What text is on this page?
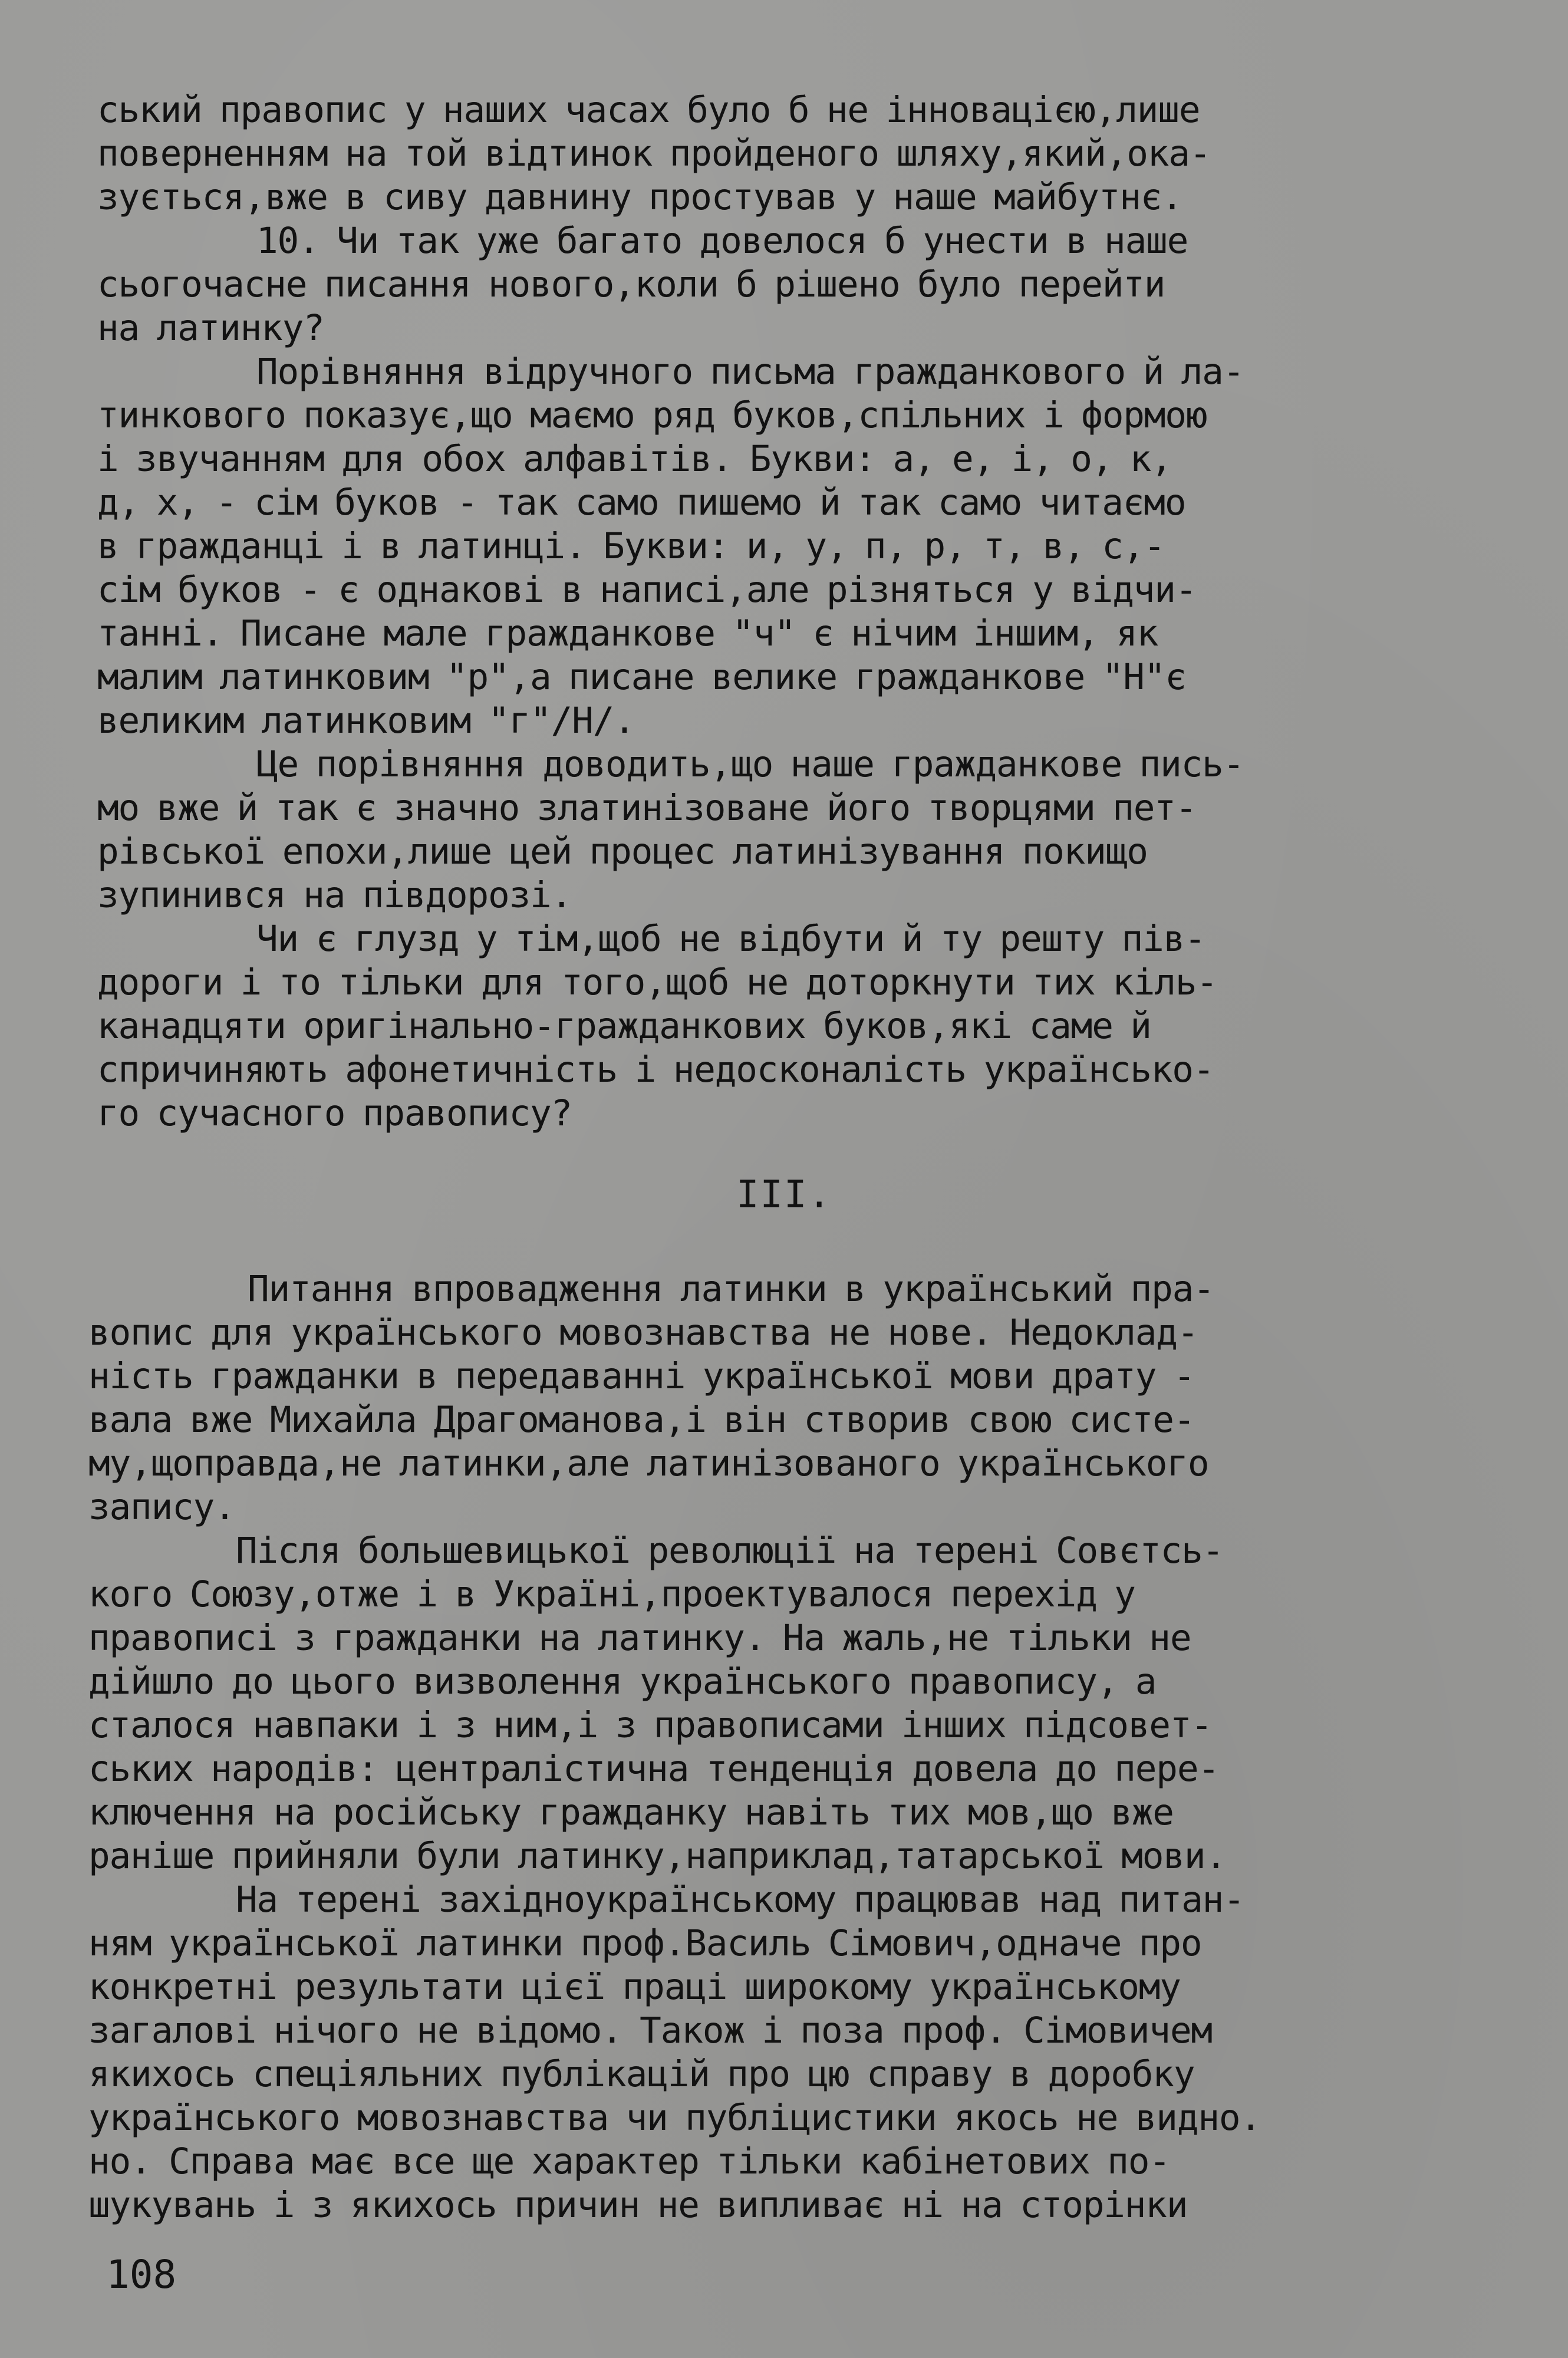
ський правопис у наших часах було б не інновацією,лише
поверненням на той відтинок пройденого шляху,який,ока-
зується,вже в сиву давнину простував у наше майбутнє.
10. Чи так уже багато довелося б унести в наше
сьогочасне писання нового,коли б рішено було перейти
на латинку?
Порівняння відручного письма гражданкового й ла-
тинкового показує,що маємо ряд буков,спільних і формою
і звучанням для обох алфавітів. Букви: а, е, і, о, к,
д, х, - сім буков - так само пишемо й так само читаємо
в гражданці і в латинці. Букви: и, у, п, р, т, в, с,-
сім буков - є однакові в написі,але різняться у відчи-
танні. Писане мале гражданкове "ч" є нічим іншим, як
малим латинковим "р",а писане велике гражданкове "Н"є
великим латинковим "г"/Н/.
Це порівняння доводить,що наше гражданкове пись-
мо вже й так є значно златинізоване його творцями пет-
рівської епохи,лише цей процес латинізування покищо
зупинився на півдорозі.
Чи є глузд у тім,щоб не відбути й ту решту пів-
дороги і то тільки для того,щоб не доторкнути тих кіль-
канадцяти оригінально-гражданкових буков,які саме й
спричиняють афонетичність і недосконалість українсько-
го сучасного правопису?
III.
Питання впровадження латинки в український пра-
вопис для українського мовознавства не нове. Недоклад-
ність гражданки в передаванні української мови драту -
вала вже Михайла Драгоманова,і він створив свою систе-
му,щоправда,не латинки,але латинізованого українського
запису.
Після большевицької революції на терені Совєтсь-
кого Союзу,отже і в Україні,проектувалося перехід у
правописі з гражданки на латинку. На жаль,не тільки не
дійшло до цього визволення українського правопису, а
сталося навпаки і з ним,і з правописами інших підсовет-
ських народів: централістична тенденція довела до пере-
ключення на російську гражданку навіть тих мов,що вже
раніше прийняли були латинку,наприклад,татарської мови.
На терені західноукраїнському працював над питан-
ням української латинки проф.Василь Сімович,одначе про
конкретні результати цієї праці широкому українському
загалові нічого не відомо. Також і поза проф. Сімовичем
якихось спеціяльних публікацій про цю справу в доробку
українського мовознавства чи публіцистики якось не видно.
но. Справа має все ще характер тільки кабінетових по-
шукувань і з якихось причин не випливає ні на сторінки
108
